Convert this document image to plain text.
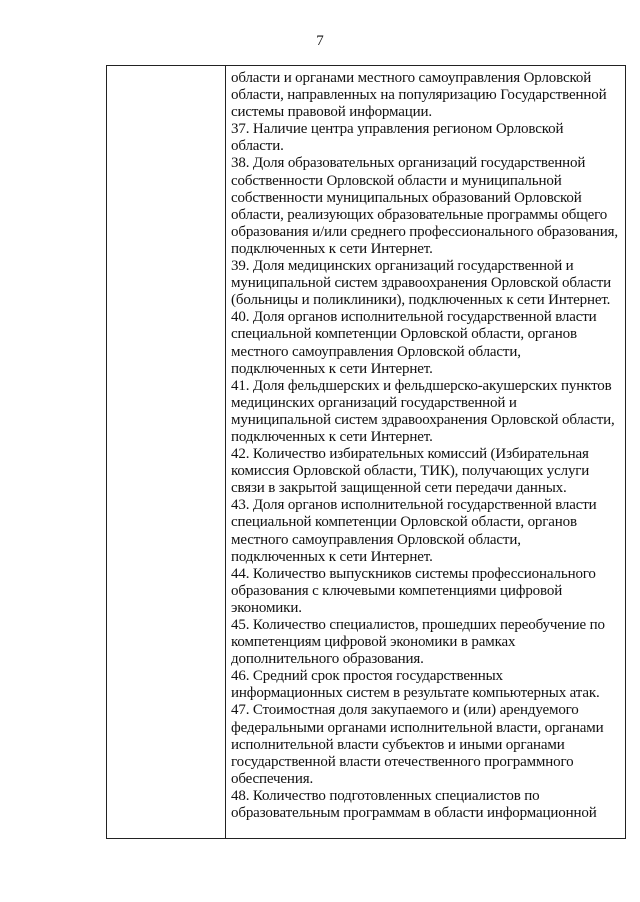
7
области и органами местного самоуправления Орловской
области, направленных на популяризацию Государственной
системы правовой информации.
37. Наличие центра управления регионом Орловской
области.
38. Доля образовательных организаций государственной
собственности Орловской области и муниципальной
собственности муниципальных образований Орловской
области, реализующих образовательные программы общего
образования и/или среднего профессионального образования,
подключенных к сети Интернет.
39. Доля медицинских организаций государственной и
муниципальной систем здравоохранения Орловской области
(больницы и поликлиники), подключенных к сети Интернет.
40. Доля органов исполнительной государственной власти
специальной компетенции Орловской области, органов
местного самоуправления Орловской области,
подключенных к сети Интернет.
41. Доля фельдшерских и фельдшерско-акушерских пунктов
медицинских организаций государственной и
муниципальной систем здравоохранения Орловской области,
подключенных к сети Интернет.
42. Количество избирательных комиссий (Избирательная
комиссия Орловской области, ТИК), получающих услуги
связи в закрытой защищенной сети передачи данных.
43. Доля органов исполнительной государственной власти
специальной компетенции Орловской области, органов
местного самоуправления Орловской области,
подключенных к сети Интернет.
44. Количество выпускников системы профессионального
образования с ключевыми компетенциями цифровой
экономики.
45. Количество специалистов, прошедших переобучение по
компетенциям цифровой экономики в рамках
дополнительного образования.
46. Средний срок простоя государственных
информационных систем в результате компьютерных атак.
47. Стоимостная доля закупаемого и (или) арендуемого
федеральными органами исполнительной власти, органами
исполнительной власти субъектов и иными органами
государственной власти отечественного программного
обеспечения.
48. Количество подготовленных специалистов по
образовательным программам в области информационной
